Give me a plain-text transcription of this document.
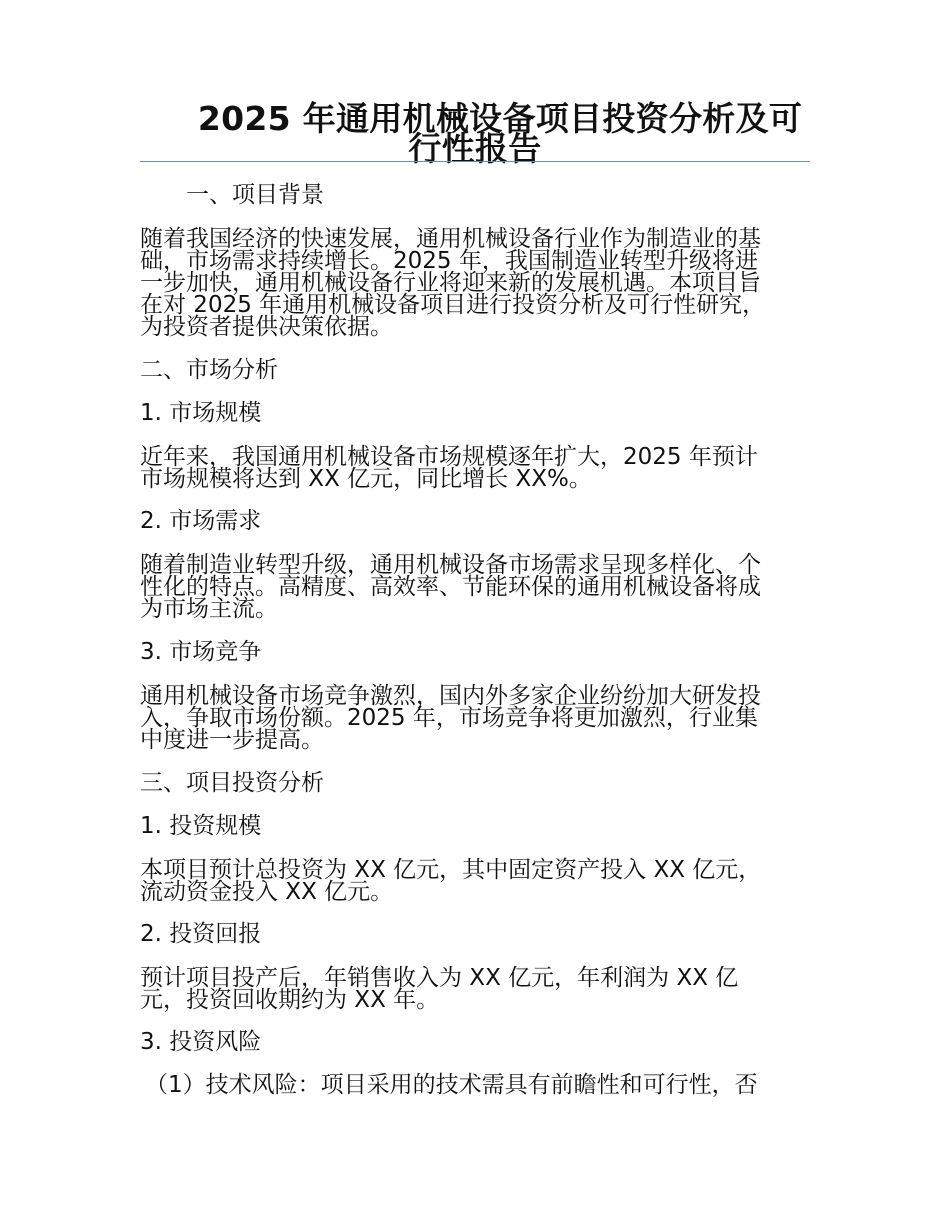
2025 年通用机械设备项目投资分析及可
行性报告
一、项目背景
随着我国经济的快速发展，通用机械设备行业作为制造业的基
础，市场需求持续增长。2025 年，我国制造业转型升级将进
一步加快，通用机械设备行业将迎来新的发展机遇。本项目旨
在对 2025 年通用机械设备项目进行投资分析及可行性研究，
为投资者提供决策依据。
二、市场分析
1. 市场规模
近年来，我国通用机械设备市场规模逐年扩大，2025 年预计
市场规模将达到 XX 亿元，同比增长 XX%。
2. 市场需求
随着制造业转型升级，通用机械设备市场需求呈现多样化、个
性化的特点。高精度、高效率、节能环保的通用机械设备将成
为市场主流。
3. 市场竞争
通用机械设备市场竞争激烈，国内外多家企业纷纷加大研发投
入，争取市场份额。2025 年，市场竞争将更加激烈，行业集
中度进一步提高。
三、项目投资分析
1. 投资规模
本项目预计总投资为 XX 亿元，其中固定资产投入 XX 亿元，
流动资金投入 XX 亿元。
2. 投资回报
预计项目投产后，年销售收入为 XX 亿元，年利润为 XX 亿
元，投资回收期约为 XX 年。
3. 投资风险
（1）技术风险：项目采用的技术需具有前瞻性和可行性，否
